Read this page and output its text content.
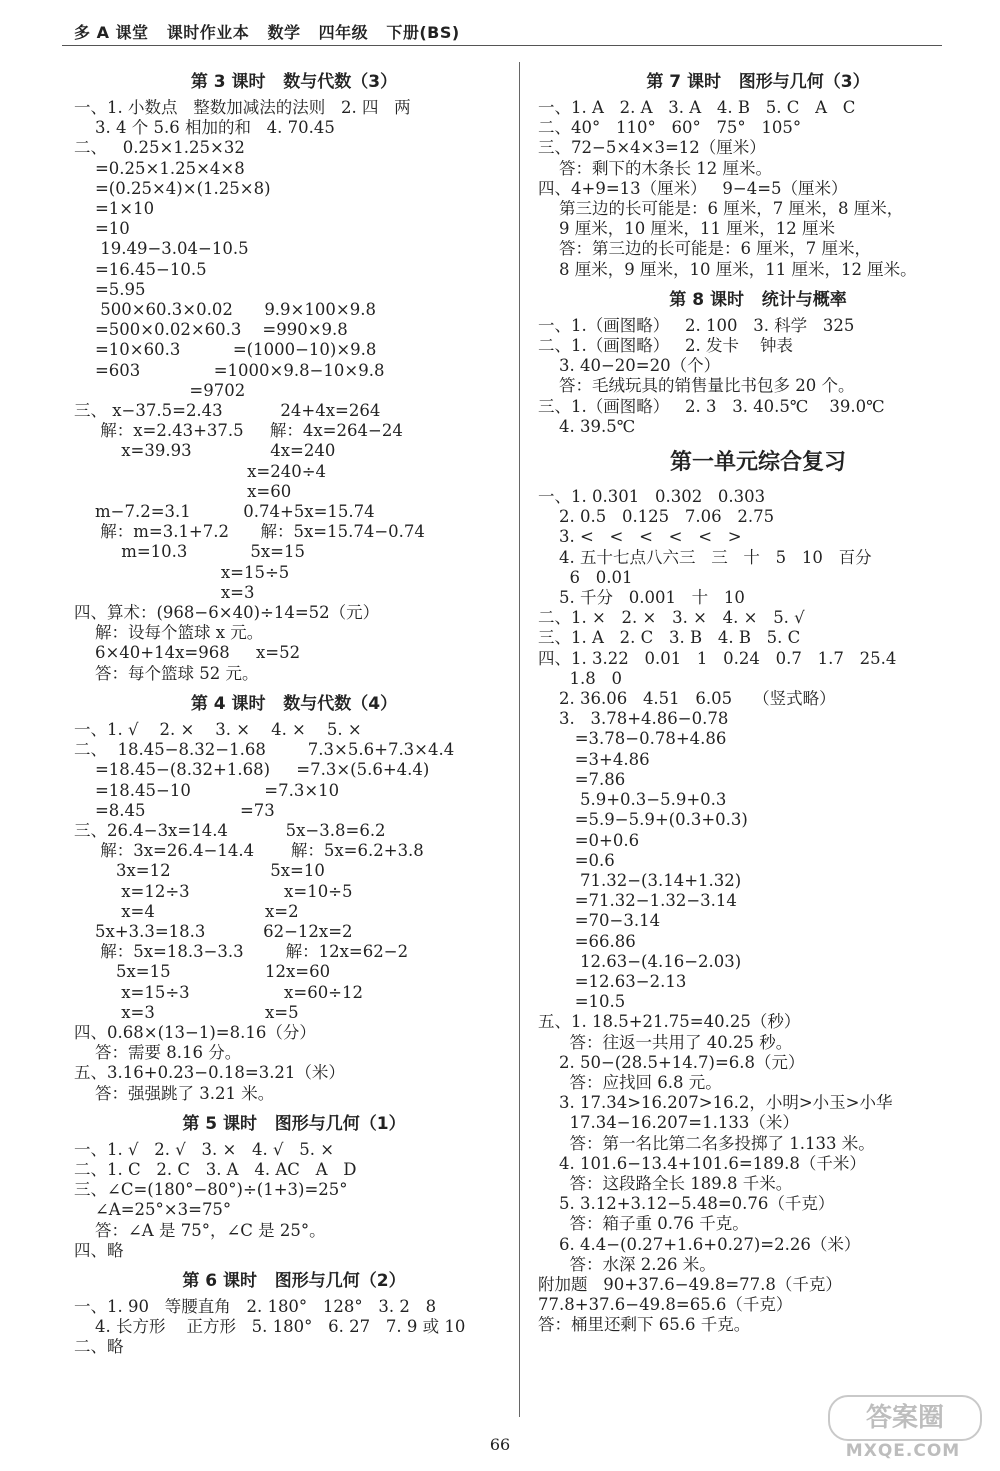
多 A 课堂   课时作业本   数学   四年级   下册(BS)
第 3 课时   数与代数（3）
一、1. 小数点   整数加减法的法则   2. 四   两
3. 4 个 5.6 相加的和   4. 70.45
二、   0.25×1.25×32
=0.25×1.25×4×8
=(0.25×4)×(1.25×8)
=1×10
=10
19.49−3.04−10.5
=16.45−10.5
=5.95
500×60.3×0.02      9.9×100×9.8
=500×0.02×60.3    =990×9.8
=10×60.3          =(1000−10)×9.8
=603              =1000×9.8−10×9.8
=9702
三、 x−37.5=2.43           24+4x=264
解：x=2.43+37.5     解：4x=264−24
x=39.93               4x=240
x=240÷4
x=60
m−7.2=3.1          0.74+5x=15.74
解：m=3.1+7.2      解：5x=15.74−0.74
m=10.3            5x=15
x=15÷5
x=3
四、算术：(968−6×40)÷14=52（元）
解：设每个篮球 x 元。
6×40+14x=968     x=52
答：每个篮球 52 元。
第 4 课时   数与代数（4）
一、1. √    2. ×    3. ×    4. ×    5. ×
二、  18.45−8.32−1.68        7.3×5.6+7.3×4.4
=18.45−(8.32+1.68)     =7.3×(5.6+4.4)
=18.45−10              =7.3×10
=8.45                  =73
三、26.4−3x=14.4           5x−3.8=6.2
解：3x=26.4−14.4       解：5x=6.2+3.8
3x=12                   5x=10
x=12÷3                  x=10÷5
x=4                     x=2
5x+3.3=18.3           62−12x=2
解：5x=18.3−3.3        解：12x=62−2
5x=15                  12x=60
x=15÷3                  x=60÷12
x=3                     x=5
四、0.68×(13−1)=8.16（分）
答：需要 8.16 分。
五、3.16+0.23−0.18=3.21（米）
答：强强跳了 3.21 米。
第 5 课时   图形与几何（1）
一、1. √   2. √   3. ×   4. √   5. ×
二、1. C   2. C   3. A   4. AC   A   D
三、∠C=(180°−80°)÷(1+3)=25°
∠A=25°×3=75°
答：∠A 是 75°，∠C 是 25°。
四、略
第 6 课时   图形与几何（2）
一、1. 90   等腰直角   2. 180°   128°   3. 2   8
4. 长方形    正方形   5. 180°   6. 27   7. 9 或 10
二、略
第 7 课时   图形与几何（3）
一、1. A   2. A   3. A   4. B   5. C   A   C
二、40°   110°   60°   75°   105°
三、72−5×4×3=12（厘米）
答：剩下的木条长 12 厘米。
四、4+9=13（厘米）   9−4=5（厘米）
第三边的长可能是：6 厘米，7 厘米，8 厘米，
9 厘米，10 厘米，11 厘米，12 厘米
答：第三边的长可能是：6 厘米，7 厘米，
8 厘米，9 厘米，10 厘米，11 厘米，12 厘米。
第 8 课时   统计与概率
一、1.（画图略）   2. 100   3. 科学   325
二、1.（画图略）   2. 发卡    钟表
3. 40−20=20（个）
答：毛绒玩具的销售量比书包多 20 个。
三、1.（画图略）   2. 3   3. 40.5℃    39.0℃
4. 39.5℃
第一单元综合复习
一、1. 0.301   0.302   0.303
2. 0.5   0.125   7.06   2.75
3. <   <   <   <   <   >
4. 五十七点八六三   三   十   5   10   百分
6   0.01
5. 千分   0.001   十   10
二、1. ×   2. ×   3. ×   4. ×   5. √
三、1. A   2. C   3. B   4. B   5. C
四、1. 3.22   0.01   1   0.24   0.7   1.7   25.4
1.8   0
2. 36.06   4.51   6.05    （竖式略）
3.   3.78+4.86−0.78
=3.78−0.78+4.86
=3+4.86
=7.86
5.9+0.3−5.9+0.3
=5.9−5.9+(0.3+0.3)
=0+0.6
=0.6
71.32−(3.14+1.32)
=71.32−1.32−3.14
=70−3.14
=66.86
12.63−(4.16−2.03)
=12.63−2.13
=10.5
五、1. 18.5+21.75=40.25（秒）
答：往返一共用了 40.25 秒。
2. 50−(28.5+14.7)=6.8（元）
答：应找回 6.8 元。
3. 17.34>16.207>16.2，小明>小玉>小华
17.34−16.207=1.133（米）
答：第一名比第二名多投掷了 1.133 米。
4. 101.6−13.4+101.6=189.8（千米）
答：这段路全长 189.8 千米。
5. 3.12+3.12−5.48=0.76（千克）
答：箱子重 0.76 千克。
6. 4.4−(0.27+1.6+0.27)=2.26（米）
答：水深 2.26 米。
附加题   90+37.6−49.8=77.8（千克）
77.8+37.6−49.8=65.6（千克）
答：桶里还剩下 65.6 千克。
66
答案圈
MXQE.COM
